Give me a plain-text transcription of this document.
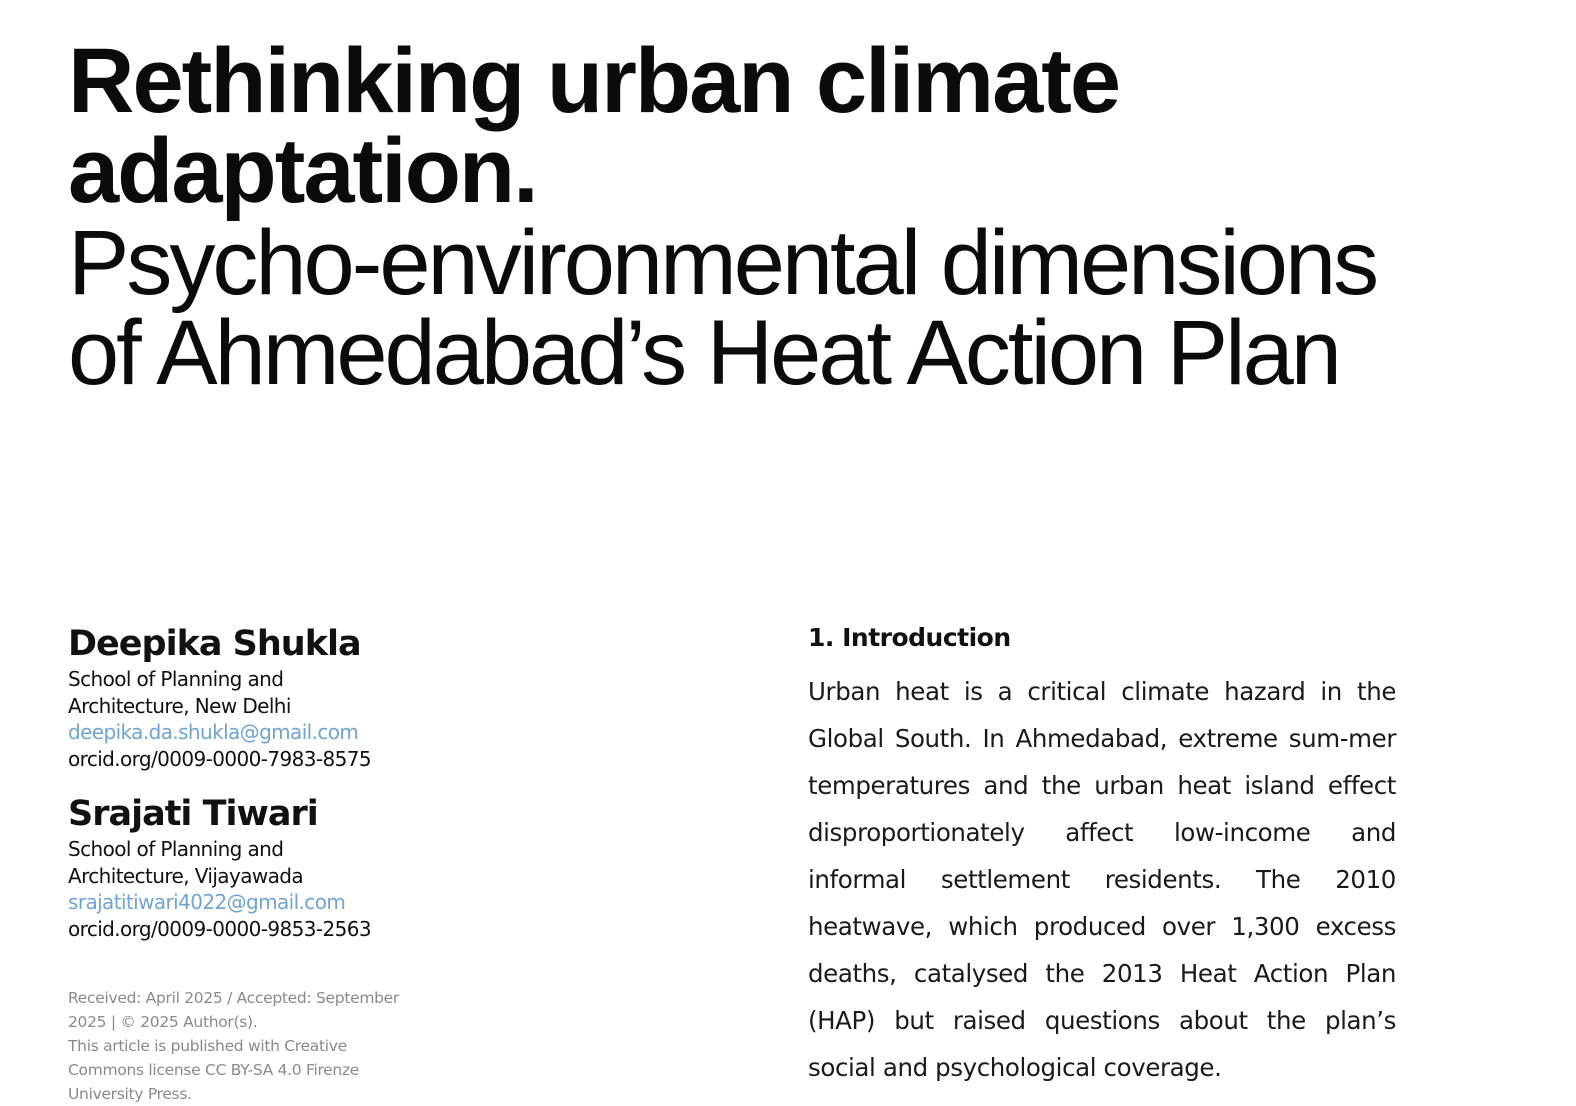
Rethinking urban climate
adaptation.
Psycho-environmental dimensions
of Ahmedabad’s Heat Action Plan
Deepika Shukla
School of Planning and
Architecture, New Delhi
deepika.da.shukla@gmail.com
orcid.org/0009-0000-7983-8575
Srajati Tiwari
School of Planning and
Architecture, Vijayawada
srajatitiwari4022@gmail.com
orcid.org/0009-0000-9853-2563
Received: April 2025 / Accepted: September
2025 | © 2025 Author(s).
This article is published with Creative
Commons license CC BY-SA 4.0 Firenze
University Press.
1. Introduction

Urban heat is a critical climate hazard in the Global South. In Ahmedabad, extreme sum-mer temperatures and the urban heat island effect disproportionately affect low-income and informal settlement residents. The 2010 heatwave, which produced over 1,300 excess deaths, catalysed the 2013 Heat Action Plan (HAP) but raised questions about the plan’s social and psychological coverage.
